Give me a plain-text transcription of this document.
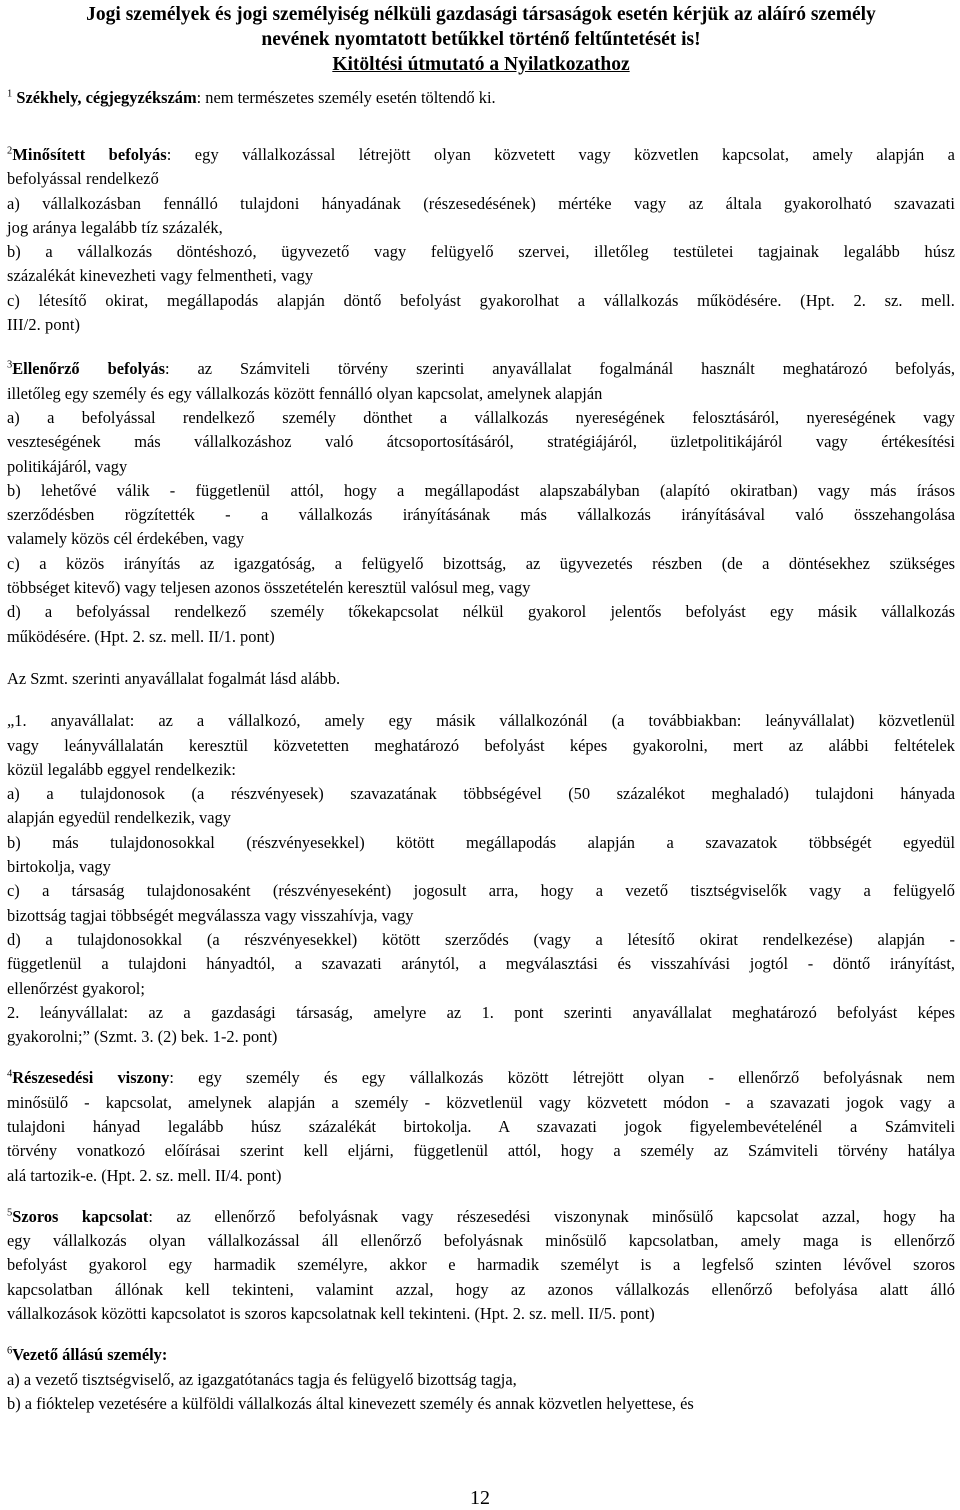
Jogi személyek és jogi személyiség nélküli gazdasági társaságok esetén kérjük az aláíró személy
nevének nyomtatott betűkkel történő feltűntetését is!
Kitöltési útmutató a Nyilatkozathoz

$^1$ Székhely, cégjegyzékszám: nem természetes személy esetén töltendő ki.

$^2$Minősített befolyás: egy vállalkozással létrejött olyan közvetett vagy közvetlen kapcsolat, amely alapján a
befolyással rendelkező
a) vállalkozásban fennálló tulajdoni hányadának (részesedésének) mértéke vagy az általa gyakorolható szavazati
jog aránya legalább tíz százalék,
b) a vállalkozás döntéshozó, ügyvezető vagy felügyelő szervei, illetőleg testületei tagjainak legalább húsz
százalékát kinevezheti vagy felmentheti, vagy
c) létesítő okirat, megállapodás alapján döntő befolyást gyakorolhat a vállalkozás működésére. (Hpt. 2. sz. mell.
III/2. pont)
$^3$Ellenőrző befolyás: az Számviteli törvény szerinti anyavállalat fogalmánál használt meghatározó befolyás,
illetőleg egy személy és egy vállalkozás között fennálló olyan kapcsolat, amelynek alapján
a) a befolyással rendelkező személy dönthet a vállalkozás nyereségének felosztásáról, nyereségének vagy
veszteségének más vállalkozáshoz való átcsoportosításáról, stratégiájáról, üzletpolitikájáról vagy értékesítési
politikájáról, vagy
b) lehetővé válik - függetlenül attól, hogy a megállapodást alapszabályban (alapító okiratban) vagy más írásos
szerződésben rögzítették - a vállalkozás irányításának más vállalkozás irányításával való összehangolása
valamely közös cél érdekében, vagy
c) a közös irányítás az igazgatóság, a felügyelő bizottság, az ügyvezetés részben (de a döntésekhez szükséges
többséget kitevő) vagy teljesen azonos összetételén keresztül valósul meg, vagy
d) a befolyással rendelkező személy tőkekapcsolat nélkül gyakorol jelentős befolyást egy másik vállalkozás
működésére. (Hpt. 2. sz. mell. II/1. pont)
Az Szmt. szerinti anyavállalat fogalmát lásd alább.
„1. anyavállalat: az a vállalkozó, amely egy másik vállalkozónál (a továbbiakban: leányvállalat) közvetlenül
vagy leányvállalatán keresztül közvetetten meghatározó befolyást képes gyakorolni, mert az alábbi feltételek
közül legalább eggyel rendelkezik:
a) a tulajdonosok (a részvényesek) szavazatának többségével (50 százalékot meghaladó) tulajdoni hányada
alapján egyedül rendelkezik, vagy
b) más tulajdonosokkal (részvényesekkel) kötött megállapodás alapján a szavazatok többségét egyedül
birtokolja, vagy
c) a társaság tulajdonosaként (részvényeseként) jogosult arra, hogy a vezető tisztségviselők vagy a felügyelő
bizottság tagjai többségét megválassza vagy visszahívja, vagy
d) a tulajdonosokkal (a részvényesekkel) kötött szerződés (vagy a létesítő okirat rendelkezése) alapján -
függetlenül a tulajdoni hányadtól, a szavazati aránytól, a megválasztási és visszahívási jogtól - döntő irányítást,
ellenőrzést gyakorol;
2. leányvállalat: az a gazdasági társaság, amelyre az 1. pont szerinti anyavállalat meghatározó befolyást képes
gyakorolni;” (Szmt. 3. (2) bek. 1-2. pont)
$^4$Részesedési viszony: egy személy és egy vállalkozás között létrejött olyan - ellenőrző befolyásnak nem
minősülő - kapcsolat, amelynek alapján a személy - közvetlenül vagy közvetett módon - a szavazati jogok vagy a
tulajdoni hányad legalább húsz százalékát birtokolja. A szavazati jogok figyelembevételénél a Számviteli
törvény vonatkozó előírásai szerint kell eljárni, függetlenül attól, hogy a személy az Számviteli törvény hatálya
alá tartozik-e. (Hpt. 2. sz. mell. II/4. pont)
$^5$Szoros kapcsolat: az ellenőrző befolyásnak vagy részesedési viszonynak minősülő kapcsolat azzal, hogy ha
egy vállalkozás olyan vállalkozással áll ellenőrző befolyásnak minősülő kapcsolatban, amely maga is ellenőrző
befolyást gyakorol egy harmadik személyre, akkor e harmadik személyt is a legfelső szinten lévővel szoros
kapcsolatban állónak kell tekinteni, valamint azzal, hogy az azonos vállalkozás ellenőrző befolyása alatt álló
vállalkozások közötti kapcsolatot is szoros kapcsolatnak kell tekinteni. (Hpt. 2. sz. mell. II/5. pont)
$^6$Vezető állású személy:
a) a vezető tisztségviselő, az igazgatótanács tagja és felügyelő bizottság tagja,
b) a fióktelep vezetésére a külföldi vállalkozás által kinevezett személy és annak közvetlen helyettese, és
12
